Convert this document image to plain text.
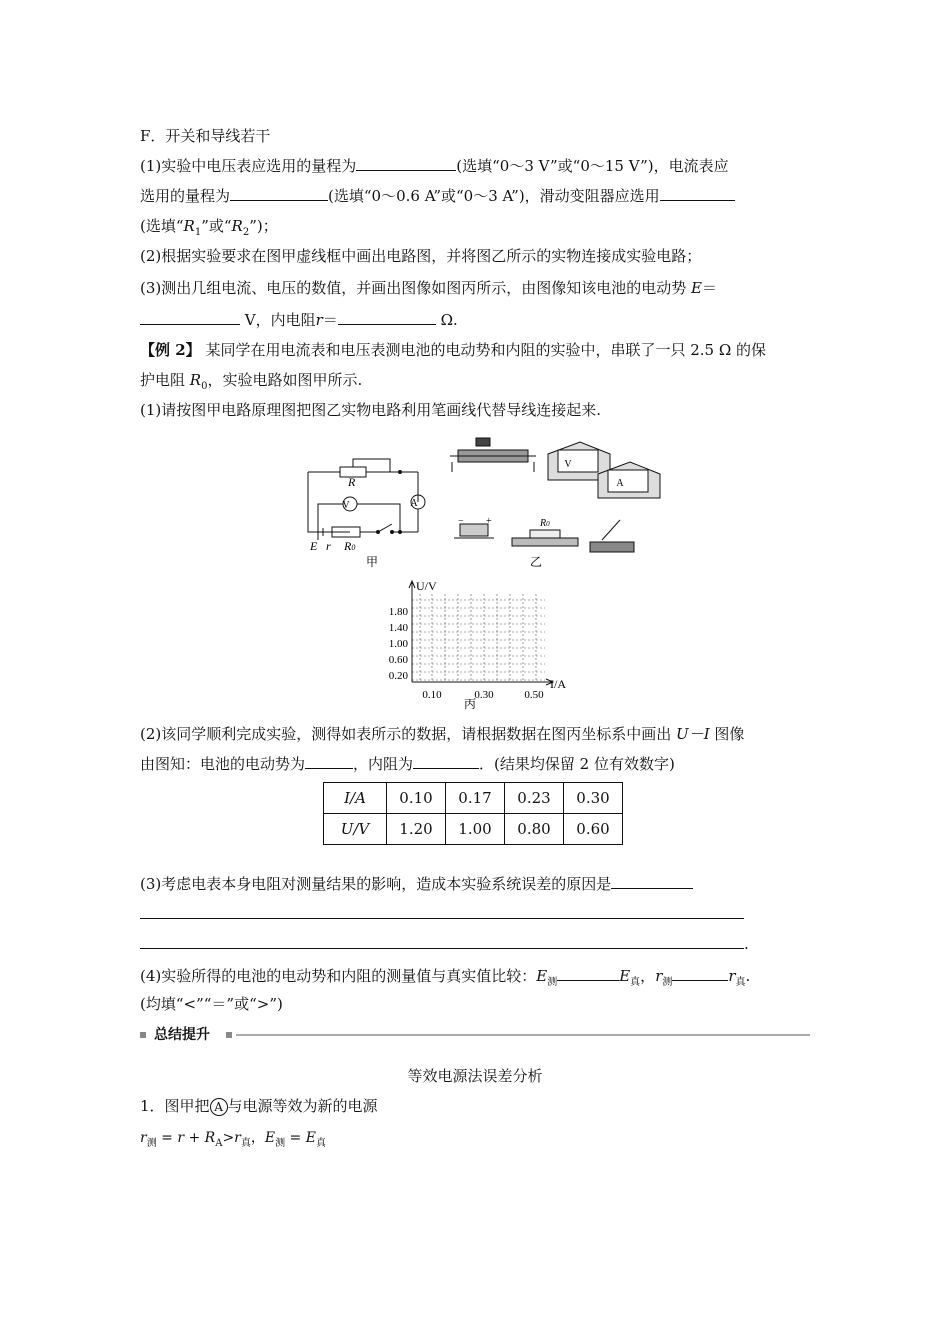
F．开关和导线若干
(1)实验中电压表应选用的量程为	(选填“0～3 V”或“0～15 V”)，电流表应
选用的量程为	(选填“0～0.6 A”或“0～3 A”)，滑动变阻器应选用
(选填“$R_1$”或“$R_2$”)；
(2)根据实验要求在图甲虚线框中画出电路图，并将图乙所示的实物连接成实验电路；
(3)测出几组电流、电压的数值，并画出图像如图丙所示，由图像知该电池的电动势 E＝
V，内电阻r＝	Ω.
【例 2】 某同学在用电流表和电压表测电池的电动势和内阻的实验中，串联了一只 2.5 Ω 的保
护电阻 $R_0$，实验电路如图甲所示.
(1)请按图甲电路原理图把图乙实物电路利用笔画线代替导线连接起来.
R
V	A
E r R0
甲
V
A
− +	R0
乙
U/V
I/A
1.80
1.40
1.00
0.60
0.20
0.10	0.30	0.50
丙
(2)该同学顺利完成实验，测得如表所示的数据，请根据数据在图丙坐标系中画出 U－I 图像
由图知：电池的电动势为	，内阻为	．(结果均保留 2 位有效数字)
I/A	0.10	0.17	0.23	0.30
U/V	1.20	1.00	0.80	0.60
(3)考虑电表本身电阻对测量结果的影响，造成本实验系统误差的原因是
.
(4)实验所得的电池的电动势和内阻的测量值与真实值比较：$E_测$	$E_真$，$r_测$	$r_真$.
(均填“<”“＝”或“>”)
总结提升
等效电源法误差分析
1．图甲把 A 与电源等效为新的电源
$r_测 = r + R_A>r_真$，$E_测 = E_真$
